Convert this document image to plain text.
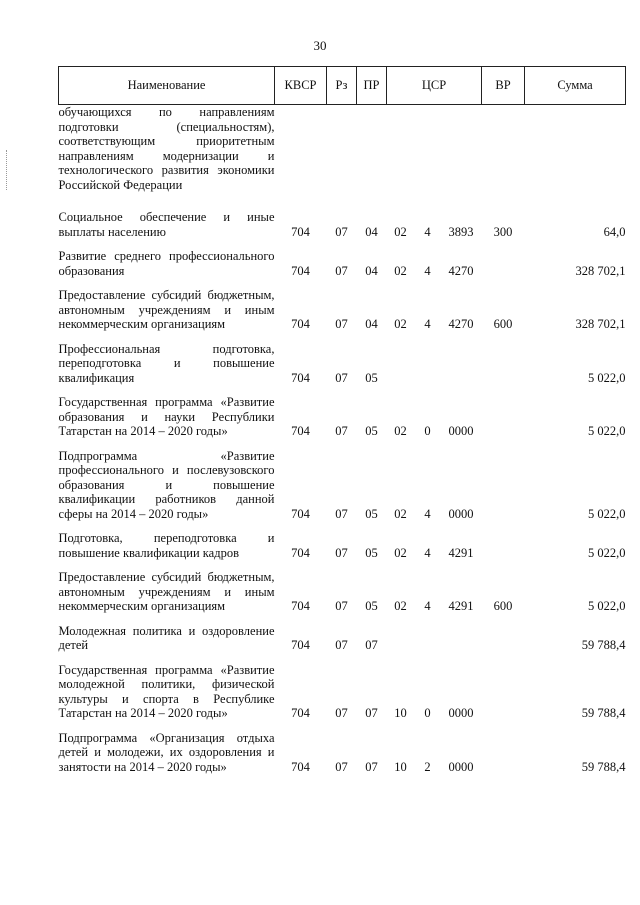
30
Наименование	КВСР	Рз	ПР	ЦСР			ВР	Сумма
обучающихся по направлениям подготовки (специальностям), соответствующим приоритетным направлениям модернизации и технологического развития экономики Российской Федерации								

Социальное обеспечение и иные выплаты населению	704	07	04	02	4	3893	300	64,0

Развитие среднего профессионального образования	704	07	04	02	4	4270		328 702,1

Предоставление субсидий бюджетным, автономным учреждениям и иным некоммерческим организациям	704	07	04	02	4	4270	600	328 702,1

Профессиональная подготовка, переподготовка и повышение квалификация	704	07	05					5 022,0

Государственная программа «Развитие образования и науки Республики Татарстан на 2014 – 2020 годы»	704	07	05	02	0	0000		5 022,0

Подпрограмма «Развитие профессионального и послевузовского образования и повышение квалификации работников данной сферы на 2014 – 2020 годы»	704	07	05	02	4	0000		5 022,0

Подготовка, переподготовка и повышение квалификации кадров	704	07	05	02	4	4291		5 022,0

Предоставление субсидий бюджетным, автономным учреждениям и иным некоммерческим организациям	704	07	05	02	4	4291	600	5 022,0

Молодежная политика и оздоровление детей	704	07	07					59 788,4

Государственная программа «Развитие молодежной политики, физической культуры и спорта в Республике Татарстан на 2014 – 2020 годы»	704	07	07	10	0	0000		59 788,4

Подпрограмма «Организация отдыха детей и молодежи, их оздоровления и занятости на 2014 – 2020 годы»	704	07	07	10	2	0000		59 788,4
